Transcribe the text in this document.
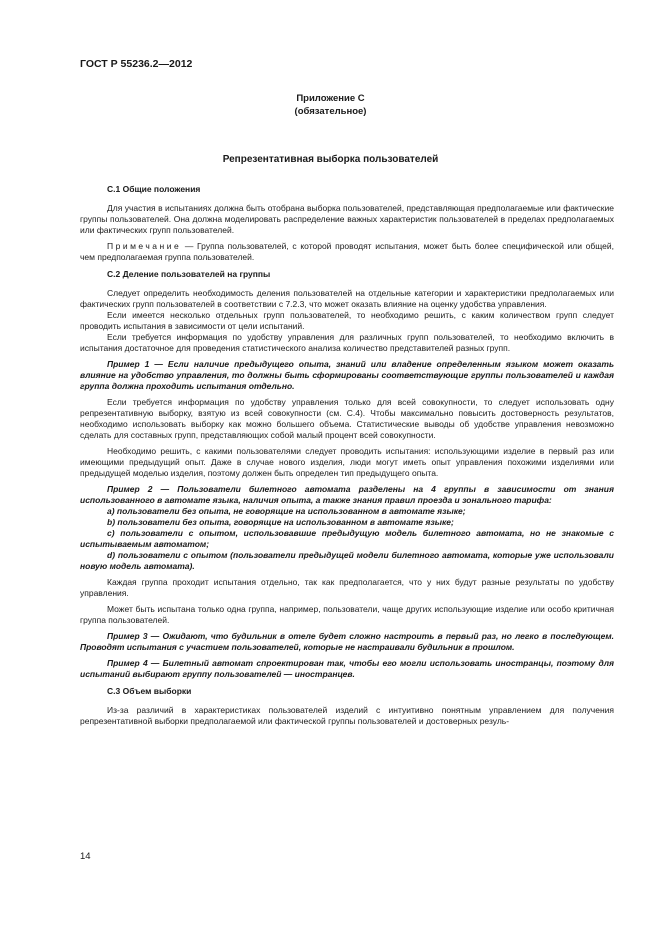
ГОСТ Р 55236.2—2012
Приложение С
(обязательное)
Репрезентативная выборка пользователей
С.1 Общие положения

Для участия в испытаниях должна быть отобрана выборка пользователей, представляющая предполагаемые или фактические группы пользователей. Она должна моделировать распределение важных характеристик пользователей в пределах предполагаемых или фактических групп пользователей.

Примечание — Группа пользователей, с которой проводят испытания, может быть более специфической или общей, чем предполагаемая группа пользователей.

С.2 Деление пользователей на группы

Следует определить необходимость деления пользователей на отдельные категории и характеристики предполагаемых или фактических групп пользователей в соответствии с 7.2.3, что может оказать влияние на оценку удобства управления.

Если имеется несколько отдельных групп пользователей, то необходимо решить, с каким количеством групп следует проводить испытания в зависимости от цели испытаний.

Если требуется информация по удобству управления для различных групп пользователей, то необходимо включить в испытания достаточное для проведения статистического анализа количество представителей разных групп.

Пример 1 — Если наличие предыдущего опыта, знаний или владение определенным языком может оказать влияние на удобство управления, то должны быть сформированы соответствующие группы пользователей и каждая группа должна проходить испытания отдельно.

Если требуется информация по удобству управления только для всей совокупности, то следует использовать одну репрезентативную выборку, взятую из всей совокупности (см. С.4). Чтобы максимально повысить достоверность результатов, необходимо использовать выборку как можно большего объема. Статистические выводы об удобстве управления невозможно сделать для составных групп, представляющих собой малый процент всей совокупности.

Необходимо решить, с какими пользователями следует проводить испытания: использующими изделие в первый раз или имеющими предыдущий опыт. Даже в случае нового изделия, люди могут иметь опыт управления похожими изделиями или предыдущей моделью изделия, поэтому должен быть определен тип предыдущего опыта.

Пример 2 — Пользователи билетного автомата разделены на 4 группы в зависимости от знания использованного в автомате языка, наличия опыта, а также знания правил проезда и зонального тарифа:

а) пользователи без опыта, не говорящие на использованном в автомате языке;

b) пользователи без опыта, говорящие на использованном в автомате языке;

с) пользователи с опытом, использовавшие предыдущую модель билетного автомата, но не знакомые с испытываемым автоматом;

d) пользователи с опытом (пользователи предыдущей модели билетного автомата, которые уже использовали новую модель автомата).

Каждая группа проходит испытания отдельно, так как предполагается, что у них будут разные результаты по удобству управления.

Может быть испытана только одна группа, например, пользователи, чаще других использующие изделие или особо критичная группа пользователей.

Пример 3 — Ожидают, что будильник в отеле будет сложно настроить в первый раз, но легко в последующем. Проводят испытания с участием пользователей, которые не настраивали будильник в прошлом.

Пример 4 — Билетный автомат спроектирован так, чтобы его могли использовать иностранцы, поэтому для испытаний выбирают группу пользователей — иностранцев.

С.3 Объем выборки

Из-за различий в характеристиках пользователей изделий с интуитивно понятным управлением для получения репрезентативной выборки предполагаемой или фактической группы пользователей и достоверных резуль-

14
